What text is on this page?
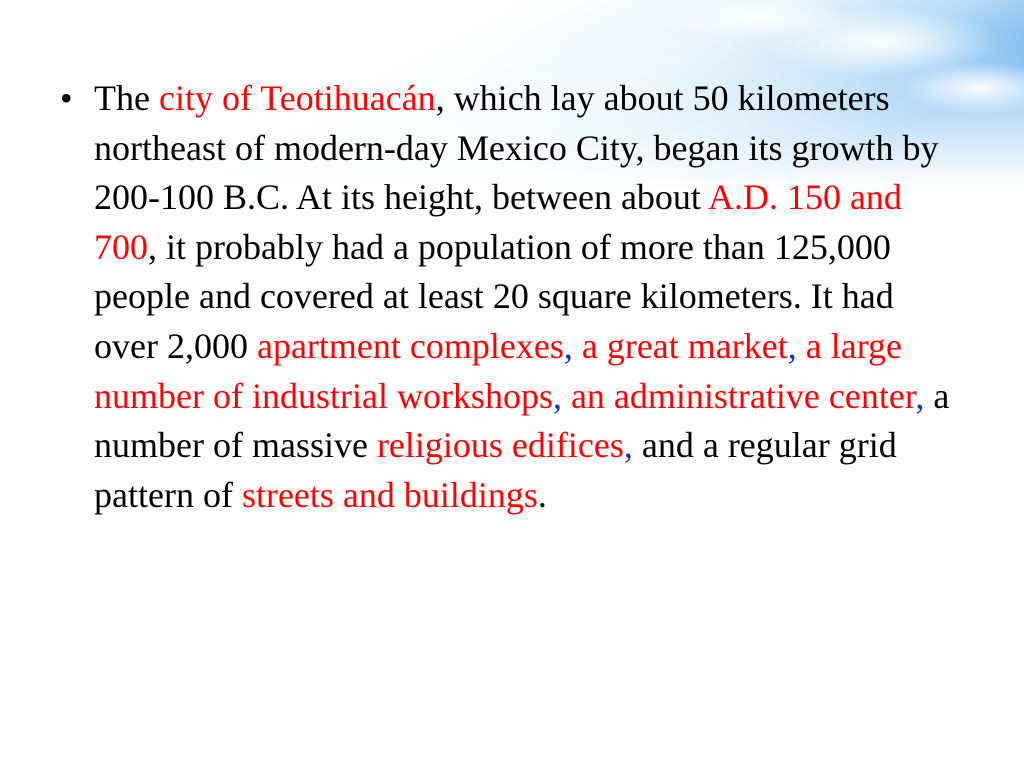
• The city of Teotihuacán, which lay about 50 kilometers northeast of modern-day Mexico City, began its growth by 200-100 B.C. At its height, between about A.D. 150 and 700, it probably had a population of more than 125,000 people and covered at least 20 square kilometers. It had over 2,000 apartment complexes, a great market, a large number of industrial workshops, an administrative center, a number of massive religious edifices, and a regular grid pattern of streets and buildings.
